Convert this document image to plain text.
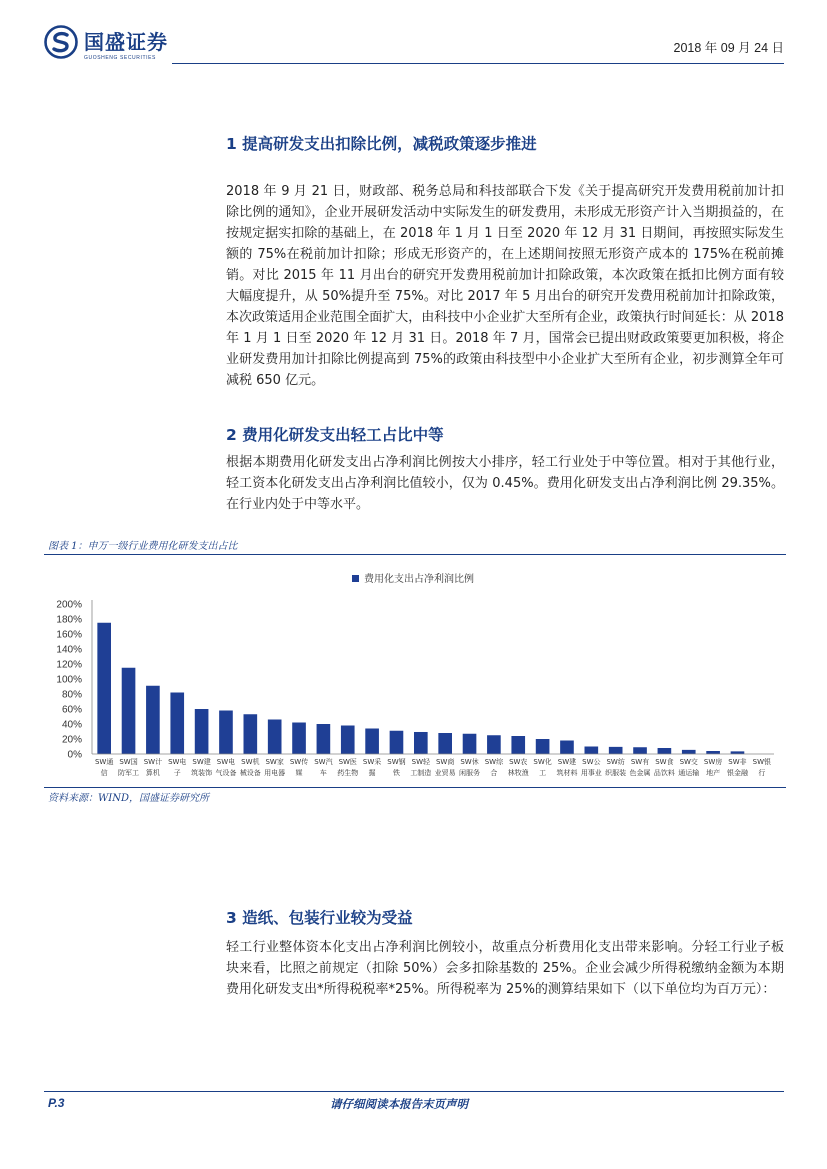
国盛证券
GUOSHENG SECURITIES
2018 年 09 月 24 日
1 提高研发支出扣除比例，减税政策逐步推进
2018 年 9 月 21 日，财政部、税务总局和科技部联合下发《关于提高研究开发费用税前加计扣除比例的通知》，企业开展研发活动中实际发生的研发费用，未形成无形资产计入当期损益的，在按规定据实扣除的基础上，在 2018 年 1 月 1 日至 2020 年 12 月 31 日期间，再按照实际发生额的 75%在税前加计扣除；形成无形资产的，在上述期间按照无形资产成本的 175%在税前摊销。对比 2015 年 11 月出台的研究开发费用税前加计扣除政策，本次政策在抵扣比例方面有较大幅度提升，从 50%提升至 75%。对比 2017 年 5 月出台的研究开发费用税前加计扣除政策，本次政策适用企业范围全面扩大，由科技中小企业扩大至所有企业，政策执行时间延长：从 2018 年 1 月 1 日至 2020 年 12 月 31 日。2018 年 7 月，国常会已提出财政政策要更加积极，将企业研发费用加计扣除比例提高到 75%的政策由科技型中小企业扩大至所有企业，初步测算全年可减税 650 亿元。
2 费用化研发支出轻工占比中等
根据本期费用化研发支出占净利润比例按大小排序，轻工行业处于中等位置。相对于其他行业，轻工资本化研发支出占净利润比值较小，仅为 0.45%。费用化研发支出占净利润比例 29.35%。在行业内处于中等水平。
图表 1：申万一级行业费用化研发支出占比
费用化支出占净利润比例
200%
180%
160%
140%
120%
100%
80%
60%
40%
20%
0%
SW通
信
SW国
防军工
SW计
算机
SW电
子
SW建
筑装饰
SW电
气设备
SW机
械设备
SW家
用电器
SW传
媒
SW汽
车
SW医
药生物
SW采
掘
SW钢
铁
SW轻
工制造
SW商
业贸易
SW休
闲服务
SW综
合
SW农
林牧渔
SW化
工
SW建
筑材料
SW公
用事业
SW纺
织服装
SW有
色金属
SW食
品饮料
SW交
通运输
SW房
地产
SW非
银金融
SW银
行
资料来源：WIND，国盛证券研究所
3 造纸、包装行业较为受益
轻工行业整体资本化支出占净利润比例较小，故重点分析费用化支出带来影响。分轻工行业子板块来看，比照之前规定（扣除 50%）会多扣除基数的 25%。企业会减少所得税缴纳金额为本期费用化研发支出*所得税税率*25%。所得税率为 25%的测算结果如下（以下单位均为百万元）：
P.3	请仔细阅读本报告末页声明
